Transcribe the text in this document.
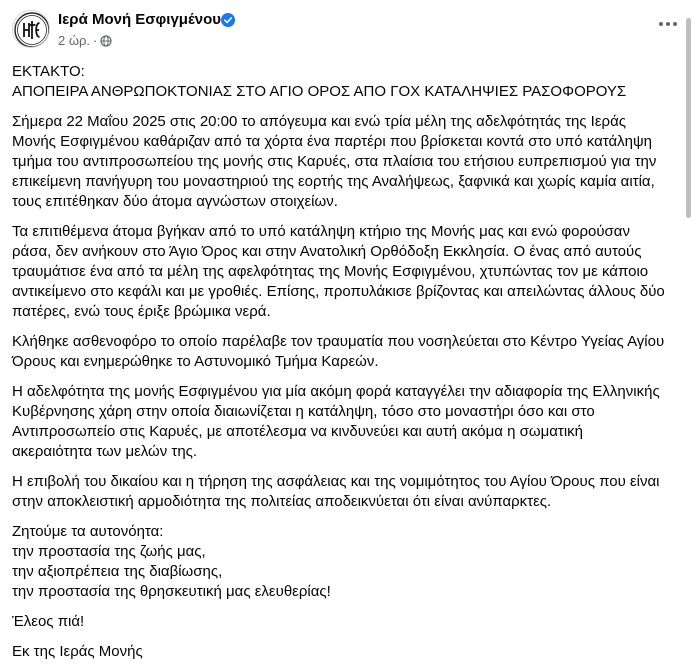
Ιερά Μονή Εσφιγμένου
2 ώρ. ·

ΕΚΤΑΚΤΟ:
ΑΠΟΠΕΙΡΑ ΑΝΘΡΩΠΟΚΤΟΝΙΑΣ ΣΤΟ ΑΓΙΟ ΟΡΟΣ ΑΠΟ ΓΟΧ ΚΑΤΑΛΗΨΙΕΣ ΡΑΣΟΦΟΡΟΥΣ

Σήμερα 22 Μαΐου 2025 στις 20:00 το απόγευμα και ενώ τρία μέλη της αδελφότητάς της Ιεράς
Μονής Εσφιγμένου καθάριζαν από τα χόρτα ένα παρτέρι που βρίσκεται κοντά στο υπό κατάληψη
τμήμα του αντιπροσωπείου της μονής στις Καρυές, στα πλαίσια του ετήσιου ευπρεπισμού για την
επικείμενη πανήγυρη του μοναστηριού της εορτής της Αναλήψεως, ξαφνικά και χωρίς καμία αιτία,
τους επιτέθηκαν δύο άτομα αγνώστων στοιχείων.

Τα επιτιθέμενα άτομα βγήκαν από το υπό κατάληψη κτήριο της Μονής μας και ενώ φορούσαν
ράσα, δεν ανήκουν στο Άγιο Όρος και στην Ανατολική Ορθόδοξη Εκκλησία. Ο ένας από αυτούς
τραυμάτισε ένα από τα μέλη της αφελφότητας της Μονής Εσφιγμένου, χτυπώντας τον με κάποιο
αντικείμενο στο κεφάλι και με γροθιές. Επίσης, προπυλάκισε βρίζοντας και απειλώντας άλλους δύο
πατέρες, ενώ τους έριξε βρώμικα νερά.

Κλήθηκε ασθενοφόρο το οποίο παρέλαβε τον τραυματία που νοσηλεύεται στο Κέντρο Υγείας Αγίου
Όρους και ενημερώθηκε το Αστυνομικό Τμήμα Καρεών.

Η αδελφότητα της μονής Εσφιγμένου για μία ακόμη φορά καταγγέλει την αδιαφορία της Ελληνικής
Κυβέρνησης χάρη στην οποία διαιωνίζεται η κατάληψη, τόσο στο μοναστήρι όσο και στο
Αντιπροσωπείο στις Καρυές, με αποτέλεσμα να κινδυνεύει και αυτή ακόμα η σωματική
ακεραιότητα των μελών της.

Η επιβολή του δικαίου και η τήρηση της ασφάλειας και της νομιμότητος του Αγίου Όρους που είναι
στην αποκλειστική αρμοδιότητα της πολιτείας αποδεικνύεται ότι είναι ανύπαρκτες.

Ζητούμε τα αυτονόητα:
την προστασία της ζωής μας,
την αξιοπρέπεια της διαβίωσης,
την προστασία της θρησκευτική μας ελευθερίας!

Έλεος πιά!

Εκ της Ιεράς Μονής
